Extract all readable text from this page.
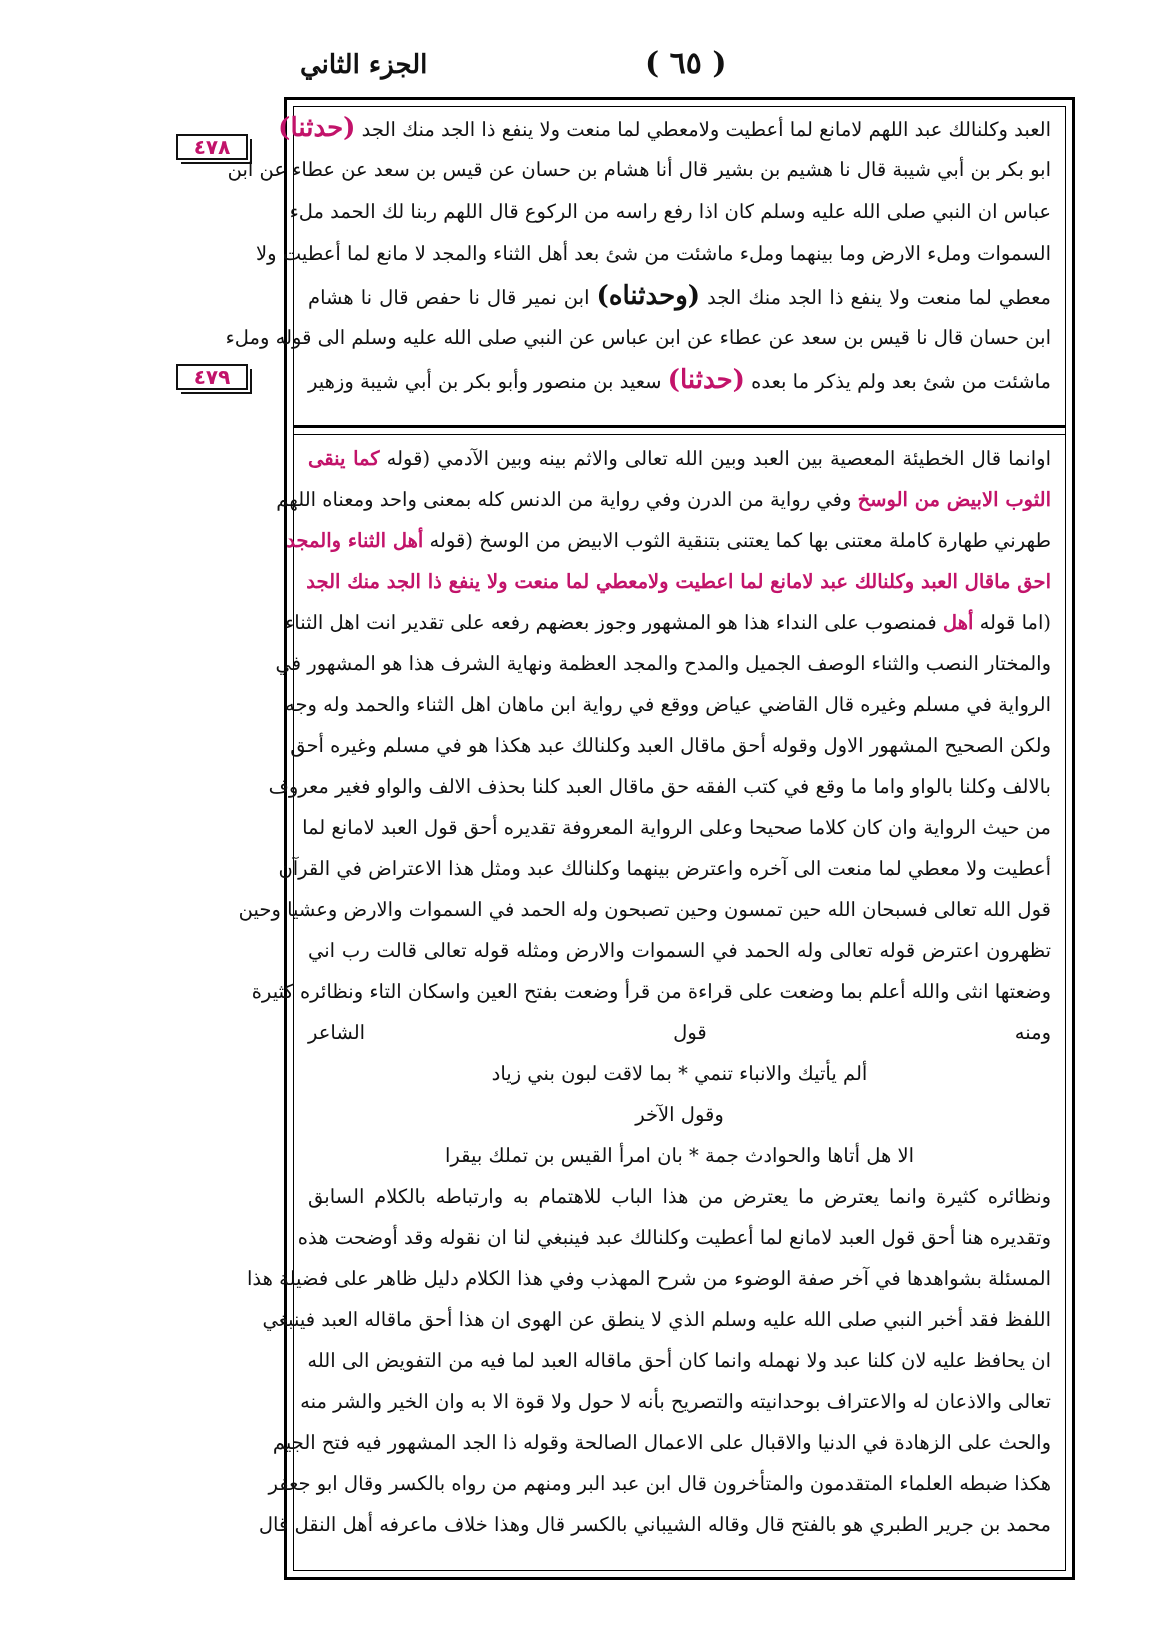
الجزء الثاني	( ٦٥ )
٤٧٨
٤٧٩
العبد وكلنالك عبد اللهم لامانع لما أعطيت ولامعطي لما منعت ولا ينفع ذا الجد منك الجد (حدثنا)
ابو بكر بن أبي شيبة قال نا هشيم بن بشير قال أنا هشام بن حسان عن قيس بن سعد عن عطاء عن ابن
عباس ان النبي صلى الله عليه وسلم كان اذا رفع راسه من الركوع قال اللهم ربنا لك الحمد ملء
السموات وملء الارض وما بينهما وملء ماشئت من شئ بعد أهل الثناء والمجد لا مانع لما أعطيت ولا
معطي لما منعت ولا ينفع ذا الجد منك الجد (وحدثناه) ابن نمير قال نا حفص قال نا هشام
ابن حسان قال نا قيس بن سعد عن عطاء عن ابن عباس عن النبي صلى الله عليه وسلم الى قوله وملء
ماشئت من شئ بعد ولم يذكر ما بعده (حدثنا) سعيد بن منصور وأبو بكر بن أبي شيبة وزهير
اوانما قال الخطيئة المعصية بين العبد وبين الله تعالى والاثم بينه وبين الآدمي (قوله كما ينقى
الثوب الابيض من الوسخ وفي رواية من الدرن وفي رواية من الدنس كله بمعنى واحد ومعناه اللهم
طهرني طهارة كاملة معتنى بها كما يعتنى بتنقية الثوب الابيض من الوسخ (قوله أهل الثناء والمجد
احق ماقال العبد وكلنالك عبد لامانع لما اعطيت ولامعطي لما منعت ولا ينفع ذا الجد منك الجد
(اما قوله أهل فمنصوب على النداء هذا هو المشهور وجوز بعضهم رفعه على تقدير انت اهل الثناء
والمختار النصب والثناء الوصف الجميل والمدح والمجد العظمة ونهاية الشرف هذا هو المشهور في
الرواية في مسلم وغيره قال القاضي عياض ووقع في رواية ابن ماهان اهل الثناء والحمد وله وجه
ولكن الصحيح المشهور الاول وقوله أحق ماقال العبد وكلنالك عبد هكذا هو في مسلم وغيره أحق
بالالف وكلنا بالواو واما ما وقع في كتب الفقه حق ماقال العبد كلنا بحذف الالف والواو فغير معروف
من حيث الرواية وان كان كلاما صحيحا وعلى الرواية المعروفة تقديره أحق قول العبد لامانع لما
أعطيت ولا معطي لما منعت الى آخره واعترض بينهما وكلنالك عبد ومثل هذا الاعتراض في القرآن
قول الله تعالى فسبحان الله حين تمسون وحين تصبحون وله الحمد في السموات والارض وعشيا وحين
تظهرون اعترض قوله تعالى وله الحمد في السموات والارض ومثله قوله تعالى قالت رب اني
وضعتها انثى والله أعلم بما وضعت على قراءة من قرأ وضعت بفتح العين واسكان التاء ونظائره كثيرة
ومنه قول الشاعر
ألم يأتيك والانباء تنمي * بما لاقت لبون بني زياد
وقول الآخر
الا هل أتاها والحوادث جمة * بان امرأ القيس بن تملك بيقرا
ونظائره كثيرة وانما يعترض ما يعترض من هذا الباب للاهتمام به وارتباطه بالكلام السابق
وتقديره هنا أحق قول العبد لامانع لما أعطيت وكلنالك عبد فينبغي لنا ان نقوله وقد أوضحت هذه
المسئلة بشواهدها في آخر صفة الوضوء من شرح المهذب وفي هذا الكلام دليل ظاهر على فضيلة هذا
اللفظ فقد أخبر النبي صلى الله عليه وسلم الذي لا ينطق عن الهوى ان هذا أحق ماقاله العبد فينبغي
ان يحافظ عليه لان كلنا عبد ولا نهمله وانما كان أحق ماقاله العبد لما فيه من التفويض الى الله
تعالى والاذعان له والاعتراف بوحدانيته والتصريح بأنه لا حول ولا قوة الا به وان الخير والشر منه
والحث على الزهادة في الدنيا والاقبال على الاعمال الصالحة وقوله ذا الجد المشهور فيه فتح الجيم
هكذا ضبطه العلماء المتقدمون والمتأخرون قال ابن عبد البر ومنهم من رواه بالكسر وقال ابو جعفر
محمد بن جرير الطبري هو بالفتح قال وقاله الشيباني بالكسر قال وهذا خلاف ماعرفه أهل النقل قال
